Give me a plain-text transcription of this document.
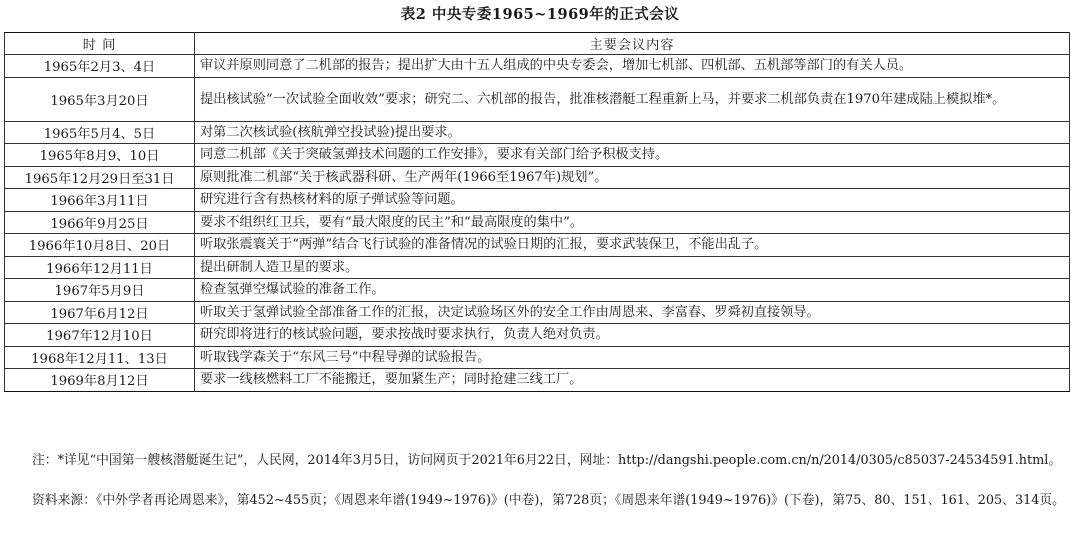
表2 中央专委1965~1969年的正式会议
时 间	主要会议内容
1965年2月3、4日	审议并原则同意了二机部的报告；提出扩大由十五人组成的中央专委会，增加七机部、四机部、五机部等部门的有关人员。
1965年3月20日	提出核试验“一次试验全面收效”要求；研究二、六机部的报告，批准核潜艇工程重新上马，并要求二机部负责在1970年建成陆上模拟堆*。
1965年5月4、5日	对第二次核试验(核航弹空投试验)提出要求。
1965年8月9、10日	同意二机部《关于突破氢弹技术问题的工作安排》，要求有关部门给予积极支持。
1965年12月29日至31日	原则批准二机部“关于核武器科研、生产两年(1966至1967年)规划”。
1966年3月11日	研究进行含有热核材料的原子弹试验等问题。
1966年9月25日	要求不组织红卫兵，要有“最大限度的民主”和“最高限度的集中”。
1966年10月8日、20日	听取张震寰关于“两弹”结合飞行试验的准备情况的试验日期的汇报，要求武装保卫，不能出乱子。
1966年12月11日	提出研制人造卫星的要求。
1967年5月9日	检查氢弹空爆试验的准备工作。
1967年6月12日	听取关于氢弹试验全部准备工作的汇报，决定试验场区外的安全工作由周恩来、李富春、罗舜初直接领导。
1967年12月10日	研究即将进行的核试验问题，要求按战时要求执行，负责人绝对负责。
1968年12月11、13日	听取钱学森关于“东风三号”中程导弹的试验报告。
1969年8月12日	要求一线核燃料工厂不能搬迁，要加紧生产；同时抢建三线工厂。
注：*详见“中国第一艘核潜艇诞生记”，人民网，2014年3月5日，访问网页于2021年6月22日，网址：http://dangshi.people.com.cn/n/2014/0305/c85037-24534591.html。
资料来源：《中外学者再论周恩来》，第452~455页；《周恩来年谱(1949~1976)》(中卷)，第728页；《周恩来年谱(1949~1976)》(下卷)，第75、80、151、161、205、314页。
